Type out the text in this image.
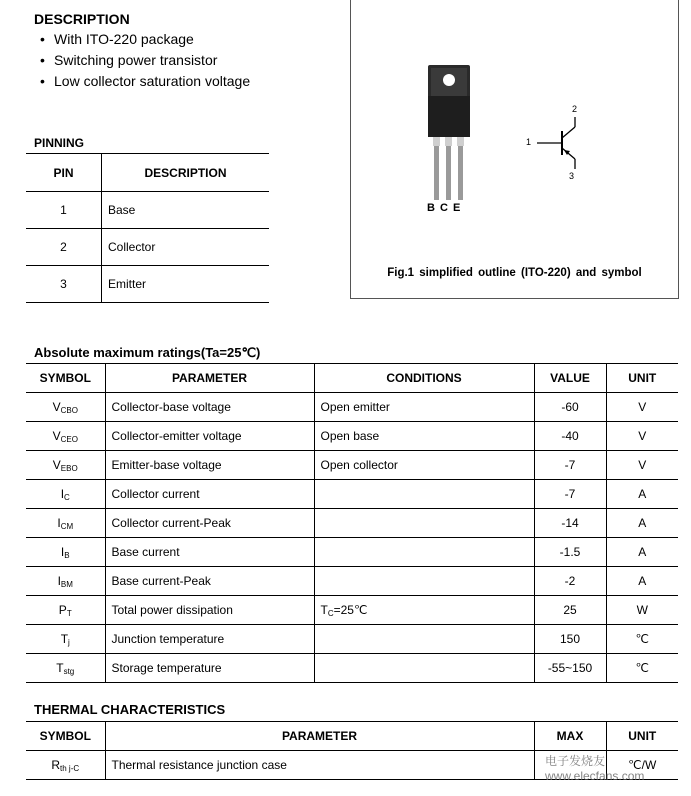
DESCRIPTION
• With ITO-220 package
• Switching power transistor
• Low collector saturation voltage
PINNING
PIN	DESCRIPTION
1	Base
2	Collector
3	Emitter
B C E
1
2
3
Fig.1 simplified outline (ITO-220) and symbol
Absolute maximum ratings(Ta=25℃)
SYMBOL	PARAMETER	CONDITIONS	VALUE	UNIT
$V_{CBO}$	Collector-base voltage	Open emitter	-60	V
$V_{CEO}$	Collector-emitter voltage	Open base	-40	V
$V_{EBO}$	Emitter-base voltage	Open collector	-7	V
$I_C$	Collector current		-7	A
$I_{CM}$	Collector current-Peak		-14	A
$I_B$	Base current		-1.5	A
$I_{BM}$	Base current-Peak		-2	A
$P_T$	Total power dissipation	$T_C=25℃$	25	W
$T_j$	Junction temperature		150	℃
$T_{stg}$	Storage temperature		-55~150	℃
THERMAL CHARACTERISTICS
SYMBOL	PARAMETER	MAX	UNIT
$R_{th j-C}$	Thermal resistance junction case		℃/W
电子发烧友 www.elecfans.com
